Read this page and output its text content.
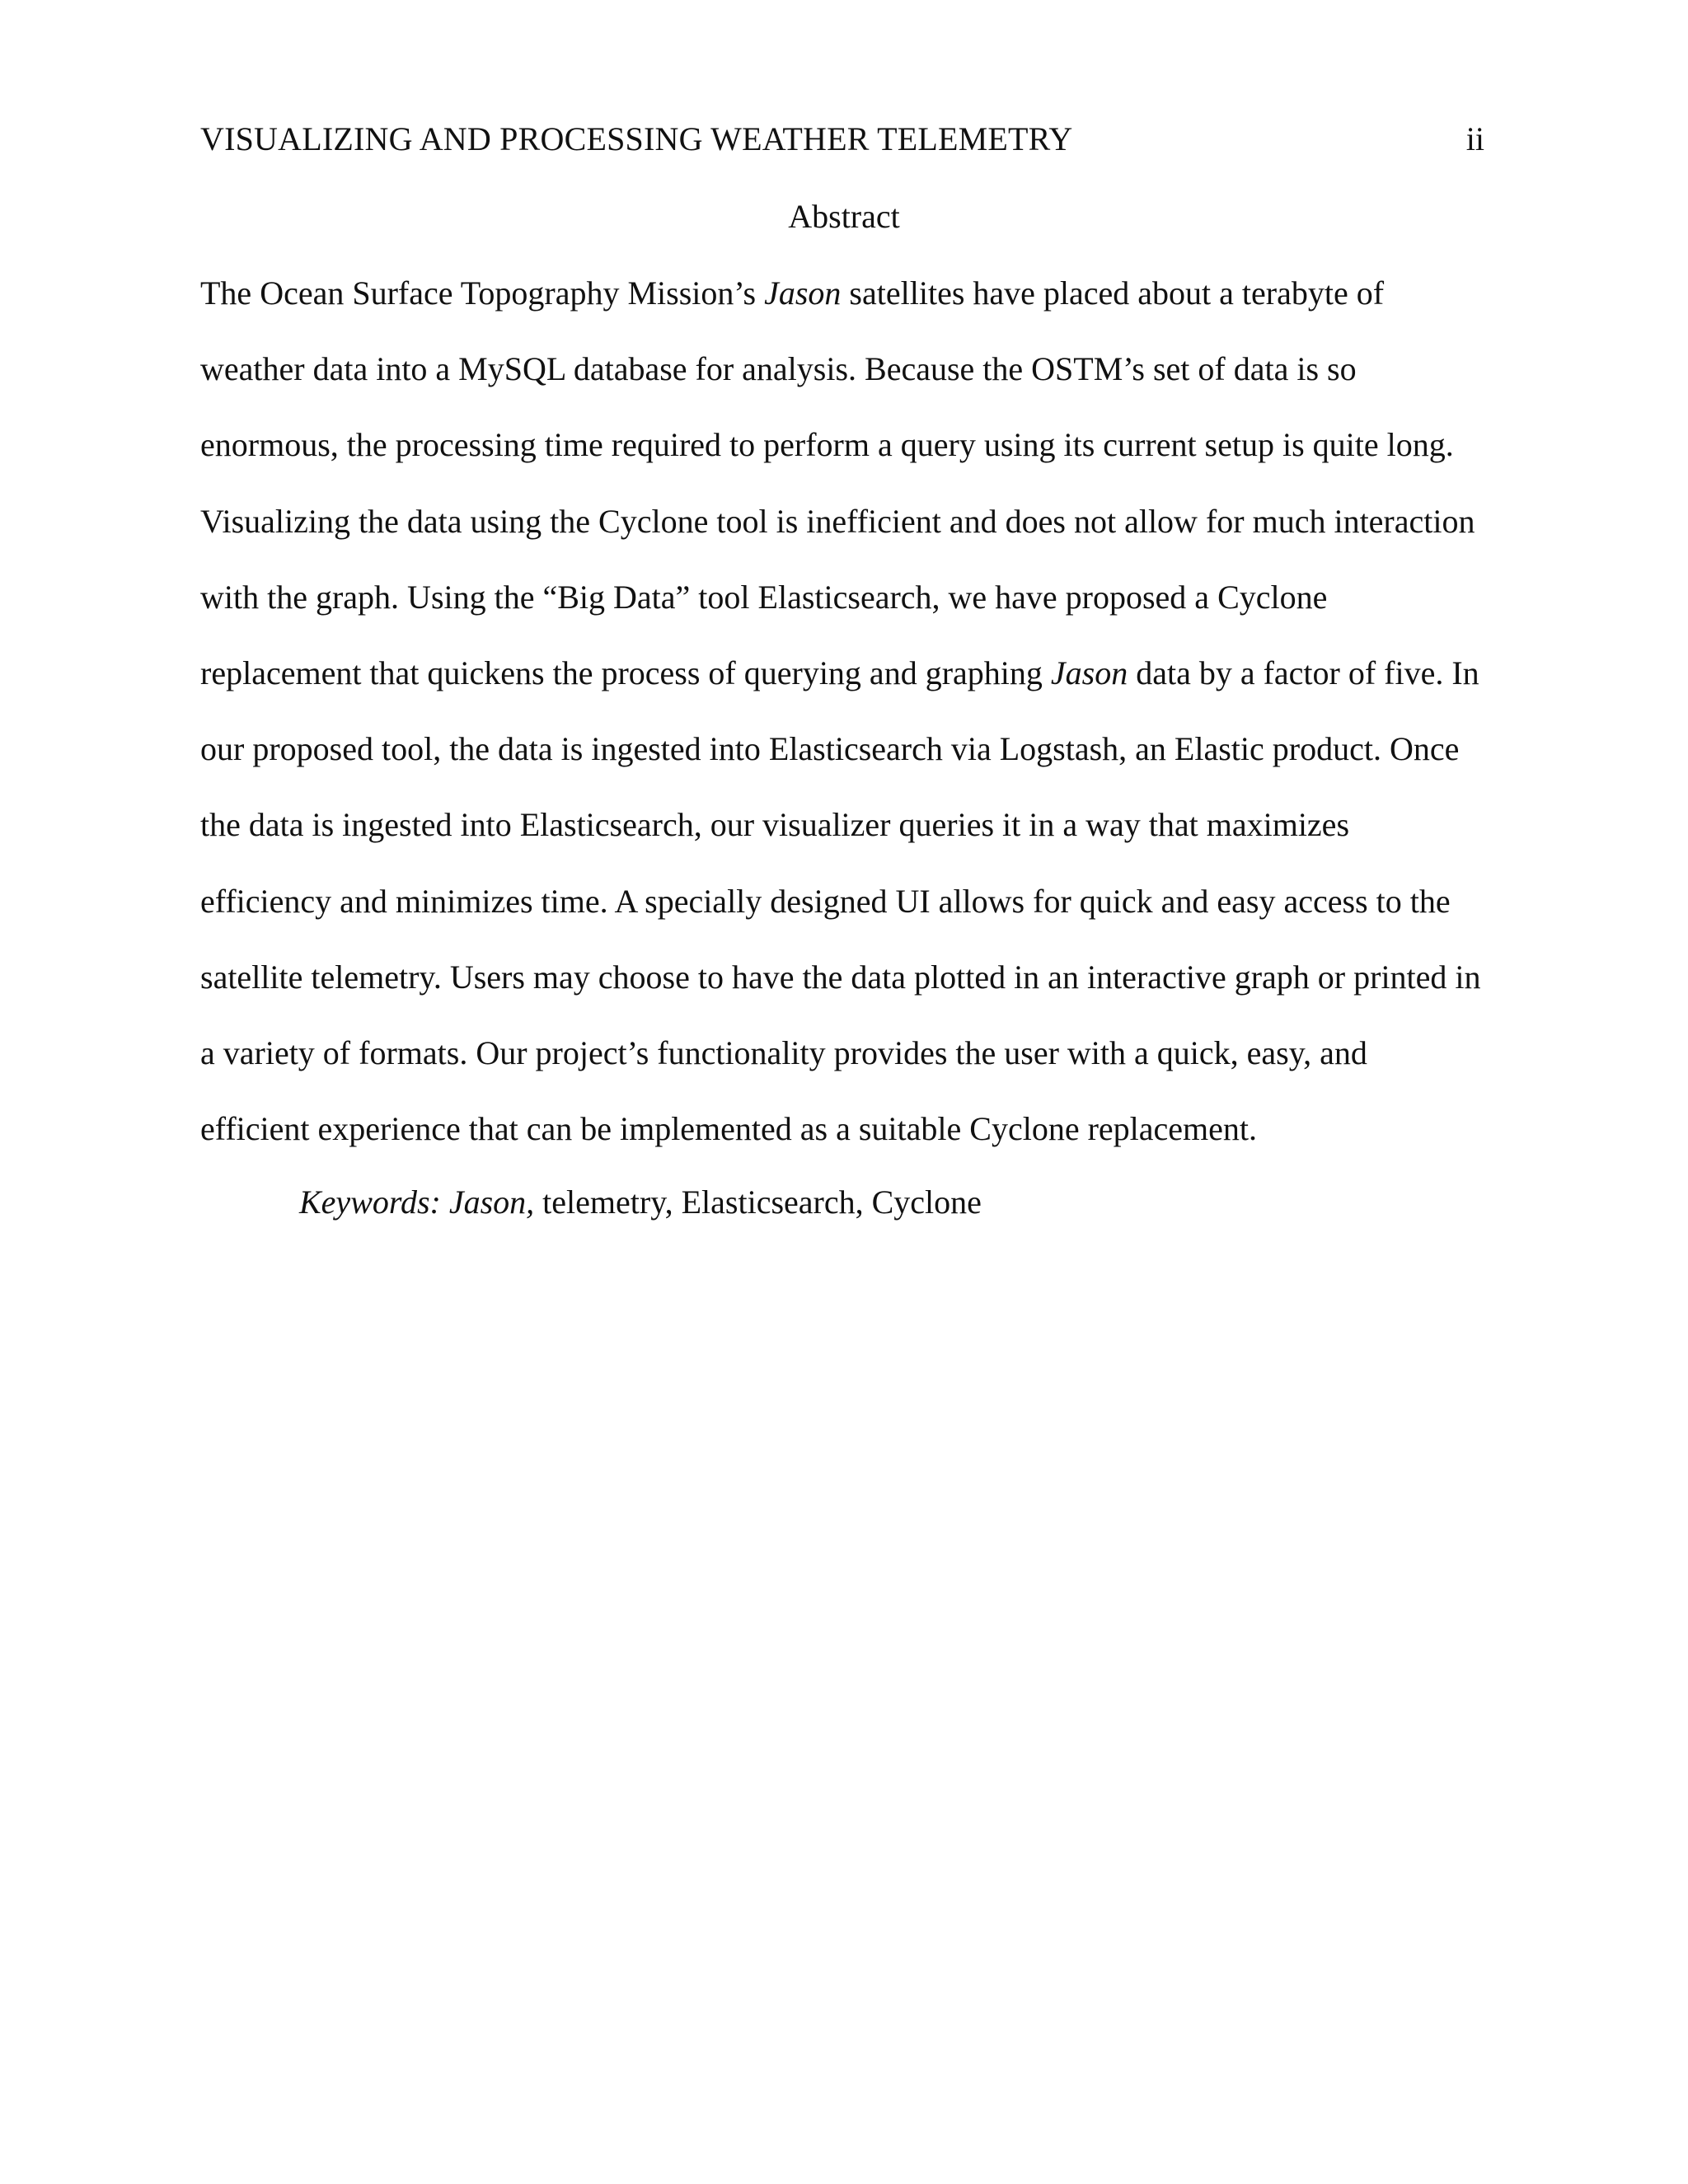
VISUALIZING AND PROCESSING WEATHER TELEMETRY	ii
Abstract
The Ocean Surface Topography Mission’s Jason satellites have placed about a terabyte of
weather data into a MySQL database for analysis. Because the OSTM’s set of data is so
enormous, the processing time required to perform a query using its current setup is quite long.
Visualizing the data using the Cyclone tool is inefficient and does not allow for much interaction
with the graph. Using the “Big Data” tool Elasticsearch, we have proposed a Cyclone
replacement that quickens the process of querying and graphing Jason data by a factor of five. In
our proposed tool, the data is ingested into Elasticsearch via Logstash, an Elastic product. Once
the data is ingested into Elasticsearch, our visualizer queries it in a way that maximizes
efficiency and minimizes time. A specially designed UI allows for quick and easy access to the
satellite telemetry. Users may choose to have the data plotted in an interactive graph or printed in
a variety of formats. Our project’s functionality provides the user with a quick, easy, and
efficient experience that can be implemented as a suitable Cyclone replacement.
Keywords: Jason, telemetry, Elasticsearch, Cyclone
